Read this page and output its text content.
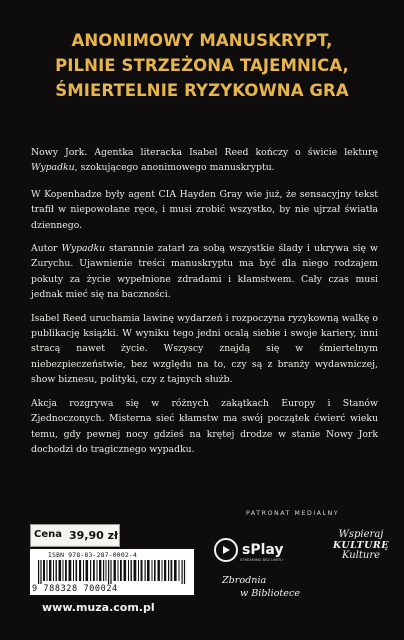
ANONIMOWY MANUSKRYPT,
PILNIE STRZEŻONA TAJEMNICA,
ŚMIERTELNIE RYZYKOWNA GRA

Nowy Jork. Agentka literacka Isabel Reed kończy o świcie lekturę Wypadku, szokującego anonimowego manuskryptu.

W Kopenhadze były agent CIA Hayden Gray wie już, że sensacyjny tekst trafił w niepowołane ręce, i musi zrobić wszystko, by nie ujrzał światła dziennego.

Autor Wypadku starannie zatarł za sobą wszystkie ślady i ukrywa się w Zurychu. Ujawnienie treści manuskryptu ma być dla niego rodzajem pokuty za życie wypełnione zdradami i kłamstwem. Cały czas musi jednak mieć się na baczności.

Isabel Reed uruchamia lawinę wydarzeń i rozpoczyna ryzykowną walkę o publikację książki. W wyniku tego jedni ocalą siebie i swoje kariery, inni stracą nawet życie. Wszyscy znajdą się w śmiertelnym niebezpieczeństwie, bez względu na to, czy są z branży wydawniczej, show biznesu, polityki, czy z tajnych służb.

Akcja rozgrywa się w różnych zakątkach Europy i Stanów Zjednoczonych. Misterna sieć kłamstw ma swój początek ćwierć wieku temu, gdy pewnej nocy gdzieś na krętej drodze w stanie Nowy Jork dochodzi do tragicznego wypadku.

Cena 39,90 zł
ISBN 978-83-287-0002-4
9 788328 700024
www.muza.com.pl
PATRONAT MEDIALNY
sPlay
STREAMING BEZ LIMITU
Wspieraj
KULTURĘ
Kulture
Zbrodnia
w Bibliotece
